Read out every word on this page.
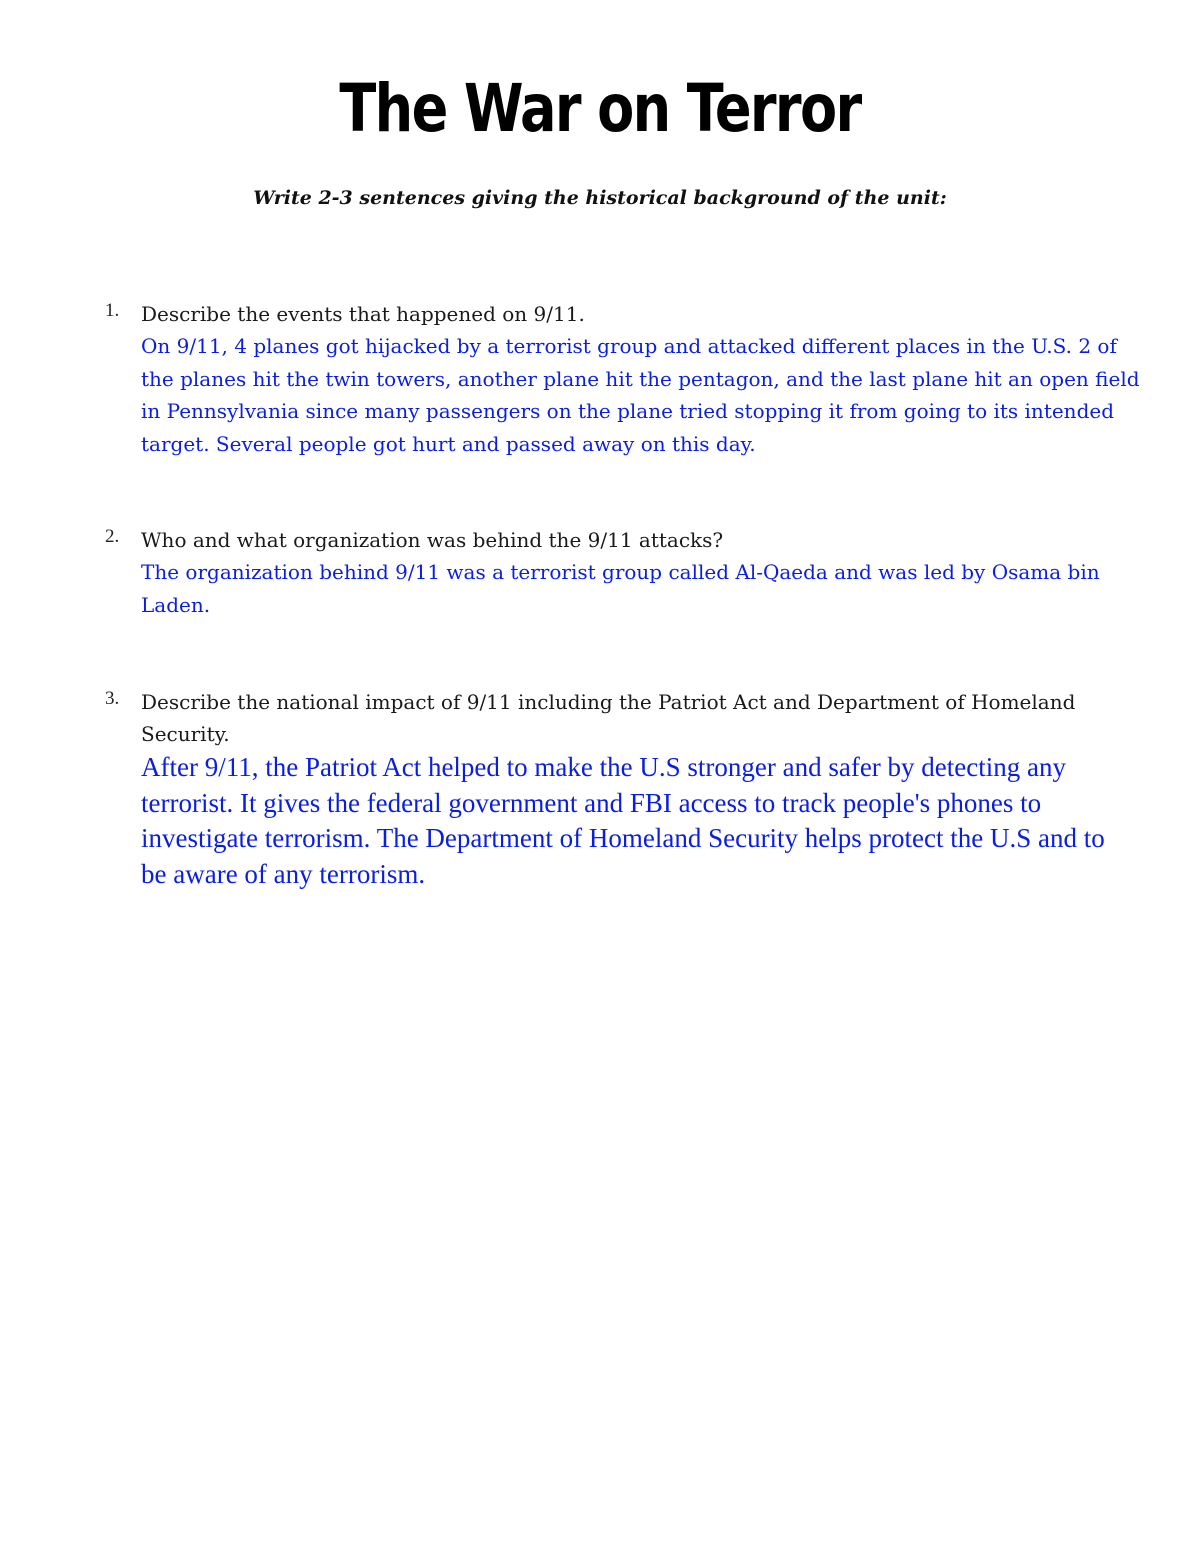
The War on Terror

Write 2-3 sentences giving the historical background of the unit:

1. Describe the events that happened on 9/11.

On 9/11, 4 planes got hijacked by a terrorist group and attacked different places in the U.S. 2 of the planes hit the twin towers, another plane hit the pentagon, and the last plane hit an open field in Pennsylvania since many passengers on the plane tried stopping it from going to its intended target. Several people got hurt and passed away on this day.

2. Who and what organization was behind the 9/11 attacks?

The organization behind 9/11 was a terrorist group called Al-Qaeda and was led by Osama bin Laden.

3. Describe the national impact of 9/11 including the Patriot Act and Department of Homeland Security.

After 9/11, the Patriot Act helped to make the U.S stronger and safer by detecting any terrorist. It gives the federal government and FBI access to track people's phones to investigate terrorism. The Department of Homeland Security helps protect the U.S and to be aware of any terrorism.
